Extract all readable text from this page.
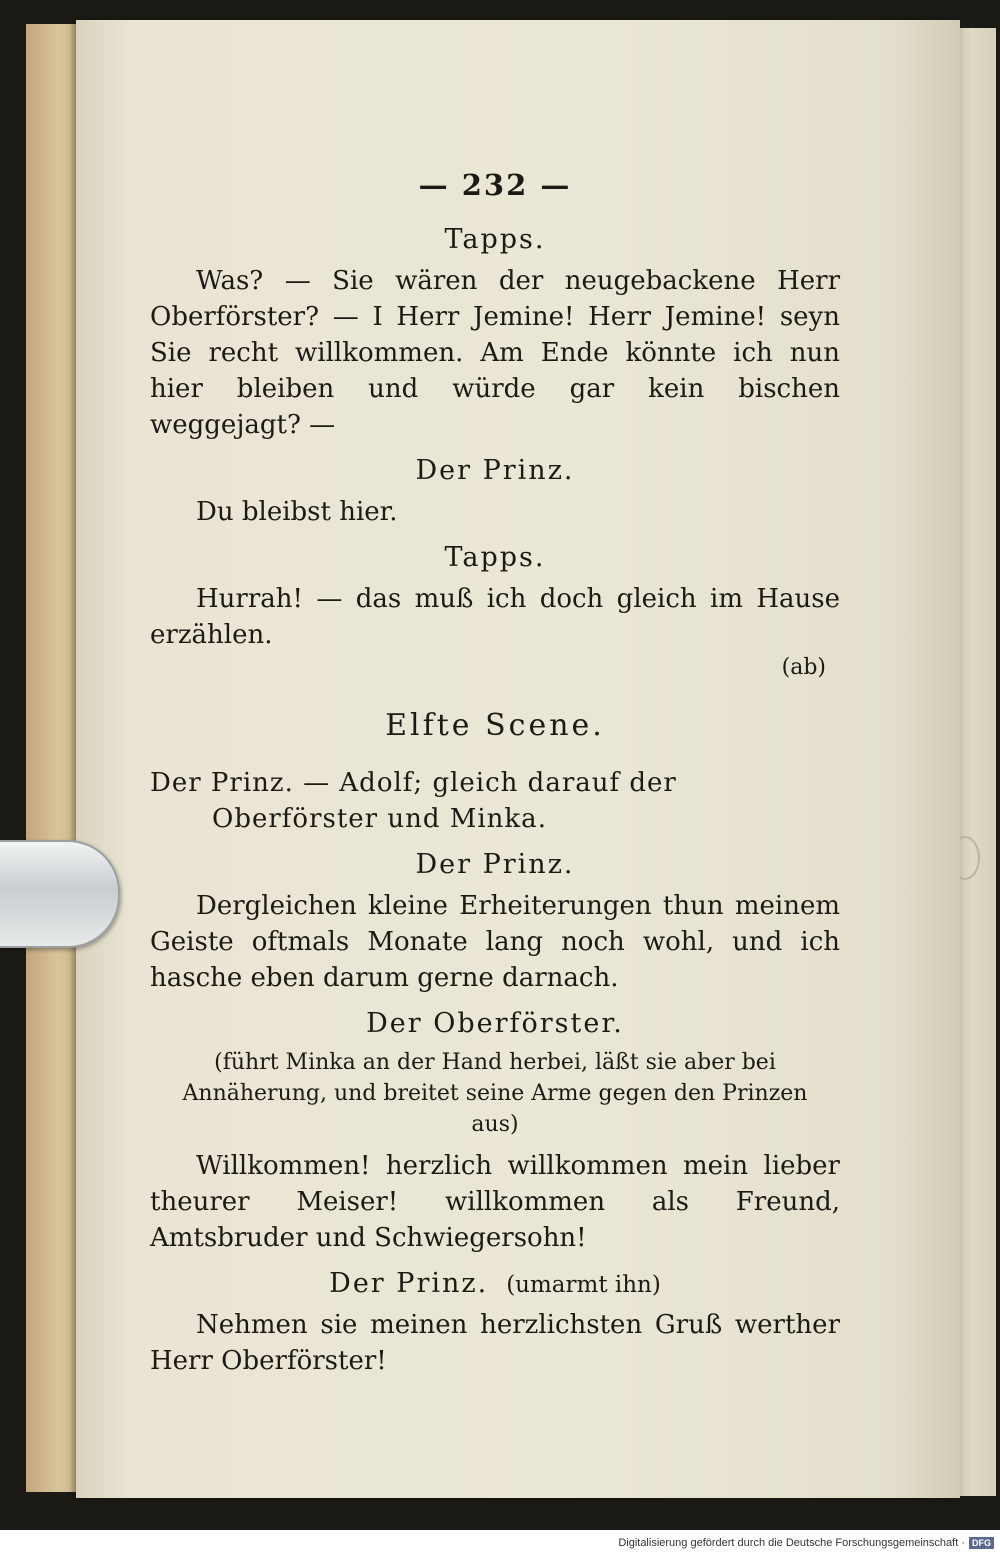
— 232 —
Tapps.
Was? — Sie wären der neugebackene Herr Oberförster? — I Herr Jemine! Herr Jemine! seyn Sie recht willkommen. Am Ende könnte ich nun hier bleiben und würde gar kein bischen weggejagt? —
Der Prinz.
Du bleibst hier.
Tapps.
Hurrah! — das muß ich doch gleich im Hause erzählen.
(ab)
Elfte Scene.
Der Prinz. — Adolf; gleich darauf der Oberförster und Minka.
Der Prinz.
Dergleichen kleine Erheiterungen thun meinem Geiste oftmals Monate lang noch wohl, und ich hasche eben darum gerne darnach.
Der Oberförster.
(führt Minka an der Hand herbei, läßt sie aber bei Annäherung, und breitet seine Arme gegen den Prinzen aus)
Willkommen! herzlich willkommen mein lieber theurer Meiser! willkommen als Freund, Amtsbruder und Schwiegersohn!
Der Prinz. (umarmt ihn)
Nehmen sie meinen herzlichsten Gruß werther Herr Oberförster!
Digitalisierung gefördert durch die Deutsche Forschungsgemeinschaft · DFG
